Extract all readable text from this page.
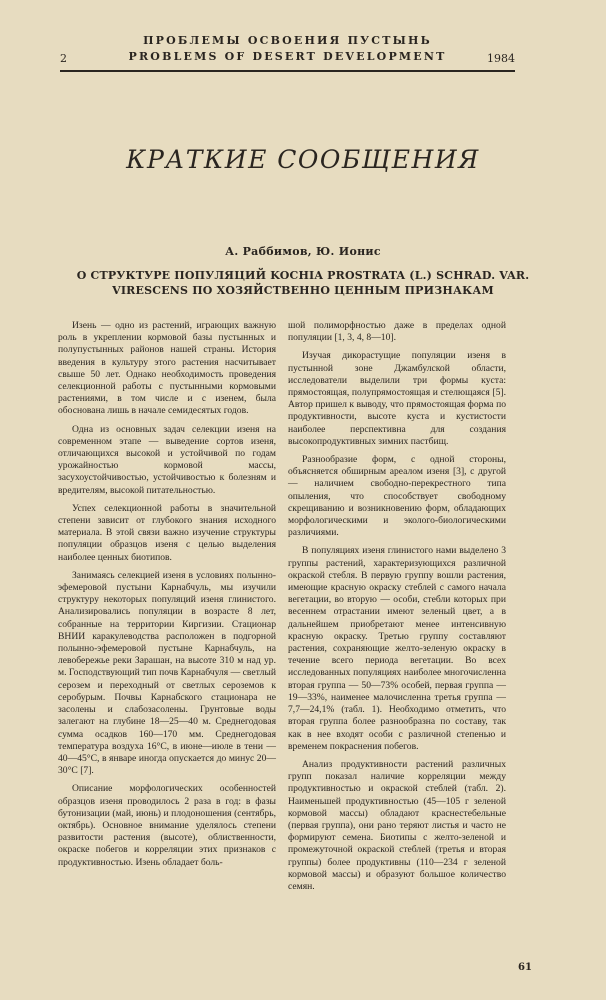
2
ПРОБЛЕМЫ ОСВОЕНИЯ ПУСТЫНЬ
PROBLEMS OF DESERT DEVELOPMENT	1984
КРАТКИЕ СООБЩЕНИЯ
А. Раббимов, Ю. Ионис
О СТРУКТУРЕ ПОПУЛЯЦИЙ KOCHIA PROSTRATA (L.) SCHRAD. VAR. VIRESCENS ПО ХОЗЯЙСТВЕННО ЦЕННЫМ ПРИЗНАКАМ

Изень — одно из растений, играющих важную роль в укреплении кормовой базы пустынных и полупустынных районов нашей страны. История введения в культуру этого растения насчитывает свыше 50 лет. Однако необходимость проведения селекционной работы с пустынными кормовыми растениями, в том числе и с изенем, была обоснована лишь в начале семидесятых годов.

Одна из основных задач селекции изеня на современном этапе — выведение сортов изеня, отличающихся высокой и устойчивой по годам урожайностью кормовой массы, засухоустойчивостью, устойчивостью к болезням и вредителям, высокой питательностью.

Успех селекционной работы в значительной степени зависит от глубокого знания исходного материала. В этой связи важно изучение структуры популяции образцов изеня с целью выделения наиболее ценных биотипов.

Занимаясь селекцией изеня в условиях полынно-эфемеровой пустыни Карнабчуль, мы изучили структуру некоторых популяций изеня глинистого. Анализировались популяции в возрасте 8 лет, собранные на территории Киргизии. Стационар ВНИИ каракулеводства расположен в подгорной полынно-эфемеровой пустыне Карнабчуль, на левобережье реки Зарашан, на высоте 310 м над ур. м. Господствующий тип почв Карнабчуля — светлый серозем и переходный от светлых сероземов к серобурым. Почвы Карнабского стационара не засолены и слабозасолены. Грунтовые воды залегают на глубине 18—25—40 м. Среднегодовая сумма осадков 160—170 мм. Среднегодовая температура воздуха 16°C, в июне—июле в тени — 40—45°C, в январе иногда опускается до минус 20—30°C [7].

Описание морфологических особенностей образцов изеня проводилось 2 раза в год: в фазы бутонизации (май, июнь) и плодоношения (сентябрь, октябрь). Основное внимание уделялось степени развитости растения (высоте), облиственности, окраске побегов и корреляции этих признаков с продуктивностью. Изень обладает боль-

шой полиморфностью даже в пределах одной популяции [1, 3, 4, 8—10].

Изучая дикорастущие популяции изеня в пустынной зоне Джамбулской области, исследователи выделили три формы куста: прямостоящая, полупрямостоящая и стелющаяся [5]. Автор пришел к выводу, что прямостоящая форма по продуктивности, высоте куста и кустистости наиболее перспективна для создания высокопродуктивных зимних пастбищ.

Разнообразие форм, с одной стороны, объясняется обширным ареалом изеня [3], с другой — наличием свободно-перекрестного типа опыления, что способствует свободному скрещиванию и возникновению форм, обладающих морфологическими и эколого-биологическими различиями.

В популяциях изеня глинистого нами выделено 3 группы растений, характеризующихся различной окраской стебля. В первую группу вошли растения, имеющие красную окраску стеблей с самого начала вегетации, во вторую — особи, стебли которых при весеннем отрастании имеют зеленый цвет, а в дальнейшем приобретают менее интенсивную красную окраску. Третью группу составляют растения, сохраняющие желто-зеленую окраску в течение всего периода вегетации. Во всех исследованных популяциях наиболее многочисленна вторая группа — 50—73% особей, первая группа — 19—33%, наименее малочисленна третья группа — 7,7—24,1% (табл. 1). Необходимо отметить, что вторая группа более разнообразна по составу, так как в нее входят особи с различной степенью и временем покраснения побегов.

Анализ продуктивности растений различных групп показал наличие корреляции между продуктивностью и окраской стеблей (табл. 2). Наименьшей продуктивностью (45—105 г зеленой кормовой массы) обладают краснестебельные (первая группа), они рано теряют листья и часто не формируют семена. Биотипы с желто-зеленой и промежуточной окраской стеблей (третья и вторая группы) более продуктивны (110—234 г зеленой кормовой массы) и образуют большое количество семян.

61
